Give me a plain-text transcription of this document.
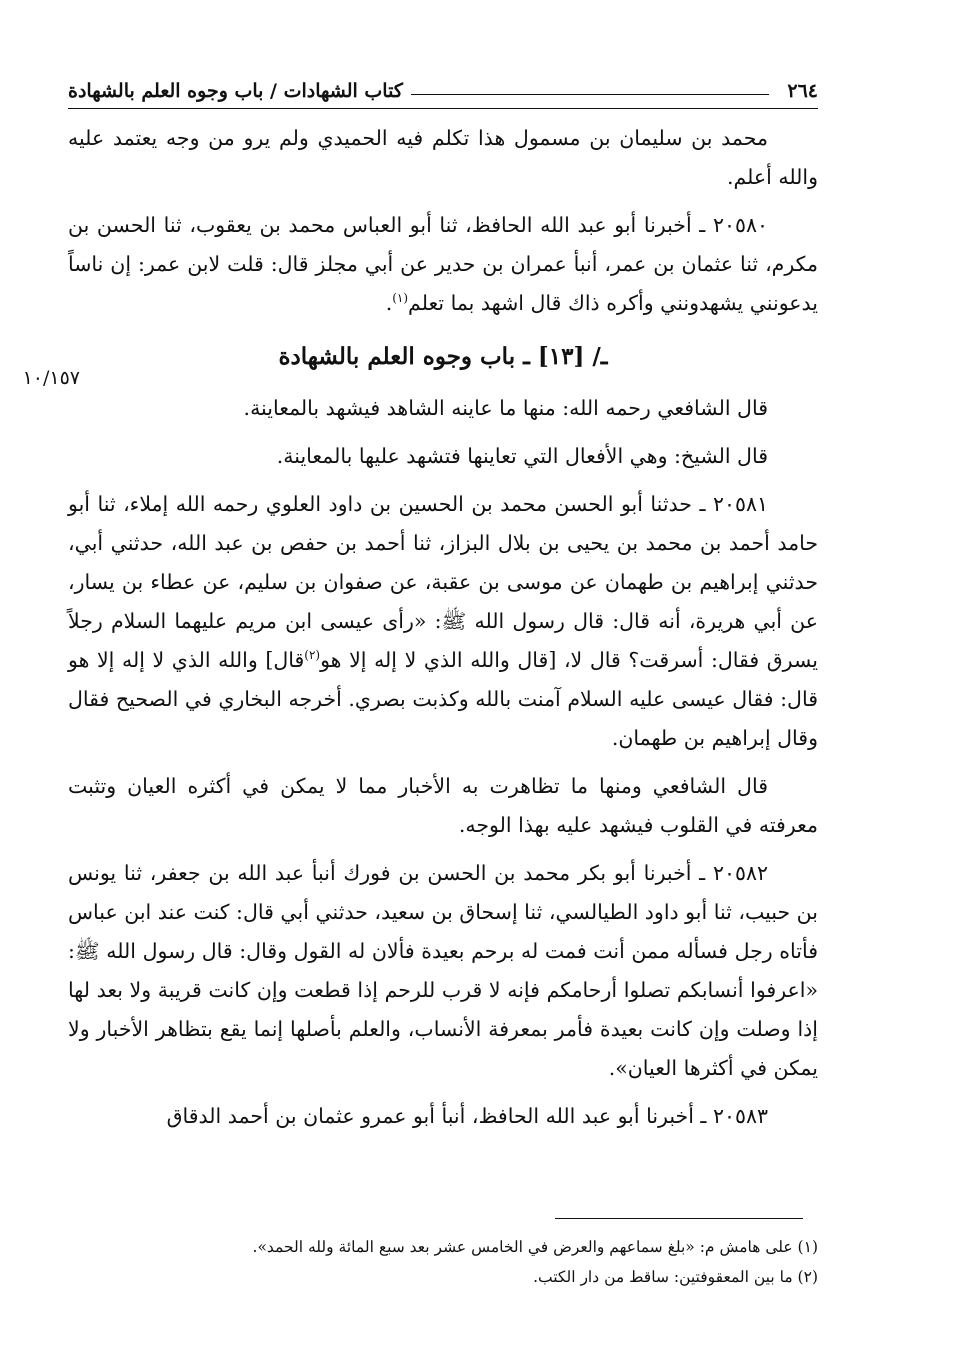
١٠/١٥٧
٢٦٤
كتاب الشهادات / باب وجوه العلم بالشهادة

محمد بن سليمان بن مسمول هذا تكلم فيه الحميدي ولم يرو من وجه يعتمد عليه والله أعلم.

٢٠٥٨٠ ـ أخبرنا أبو عبد الله الحافظ، ثنا أبو العباس محمد بن يعقوب، ثنا الحسن بن مكرم، ثنا عثمان بن عمر، أنبأ عمران بن حدير عن أبي مجلز قال: قلت لابن عمر: إن ناساً يدعونني يشهدونني وأكره ذاك قال اشهد بما تعلم$^{(١)}$.

ـ/ [١٣] ـ باب وجوه العلم بالشهادة

قال الشافعي رحمه الله: منها ما عاينه الشاهد فيشهد بالمعاينة.

قال الشيخ: وهي الأفعال التي تعاينها فتشهد عليها بالمعاينة.

٢٠٥٨١ ـ حدثنا أبو الحسن محمد بن الحسين بن داود العلوي رحمه الله إملاء، ثنا أبو حامد أحمد بن محمد بن يحيى بن بلال البزاز، ثنا أحمد بن حفص بن عبد الله، حدثني أبي، حدثني إبراهيم بن طهمان عن موسى بن عقبة، عن صفوان بن سليم، عن عطاء بن يسار، عن أبي هريرة، أنه قال: قال رسول الله ﷺ: «رأى عيسى ابن مريم عليهما السلام رجلاً يسرق فقال: أسرقت؟ قال لا، [قال والله الذي لا إله إلا هو$^{(٢)}$قال] والله الذي لا إله إلا هو قال: فقال عيسى عليه السلام آمنت بالله وكذبت بصري. أخرجه البخاري في الصحيح فقال وقال إبراهيم بن طهمان.

قال الشافعي ومنها ما تظاهرت به الأخبار مما لا يمكن في أكثره العيان وتثبت معرفته في القلوب فيشهد عليه بهذا الوجه.

٢٠٥٨٢ ـ أخبرنا أبو بكر محمد بن الحسن بن فورك أنبأ عبد الله بن جعفر، ثنا يونس بن حبيب، ثنا أبو داود الطيالسي، ثنا إسحاق بن سعيد، حدثني أبي قال: كنت عند ابن عباس فأتاه رجل فسأله ممن أنت فمت له برحم بعيدة فألان له القول وقال: قال رسول الله ﷺ: «اعرفوا أنسابكم تصلوا أرحامكم فإنه لا قرب للرحم إذا قطعت وإن كانت قريبة ولا بعد لها إذا وصلت وإن كانت بعيدة فأمر بمعرفة الأنساب، والعلم بأصلها إنما يقع بتظاهر الأخبار ولا يمكن في أكثرها العيان».

٢٠٥٨٣ ـ أخبرنا أبو عبد الله الحافظ، أنبأ أبو عمرو عثمان بن أحمد الدقاق

(١) على هامش م: «بلغ سماعهم والعرض في الخامس عشر بعد سبع المائة ولله الحمد».
(٢) ما بين المعقوفتين: ساقط من دار الكتب.
